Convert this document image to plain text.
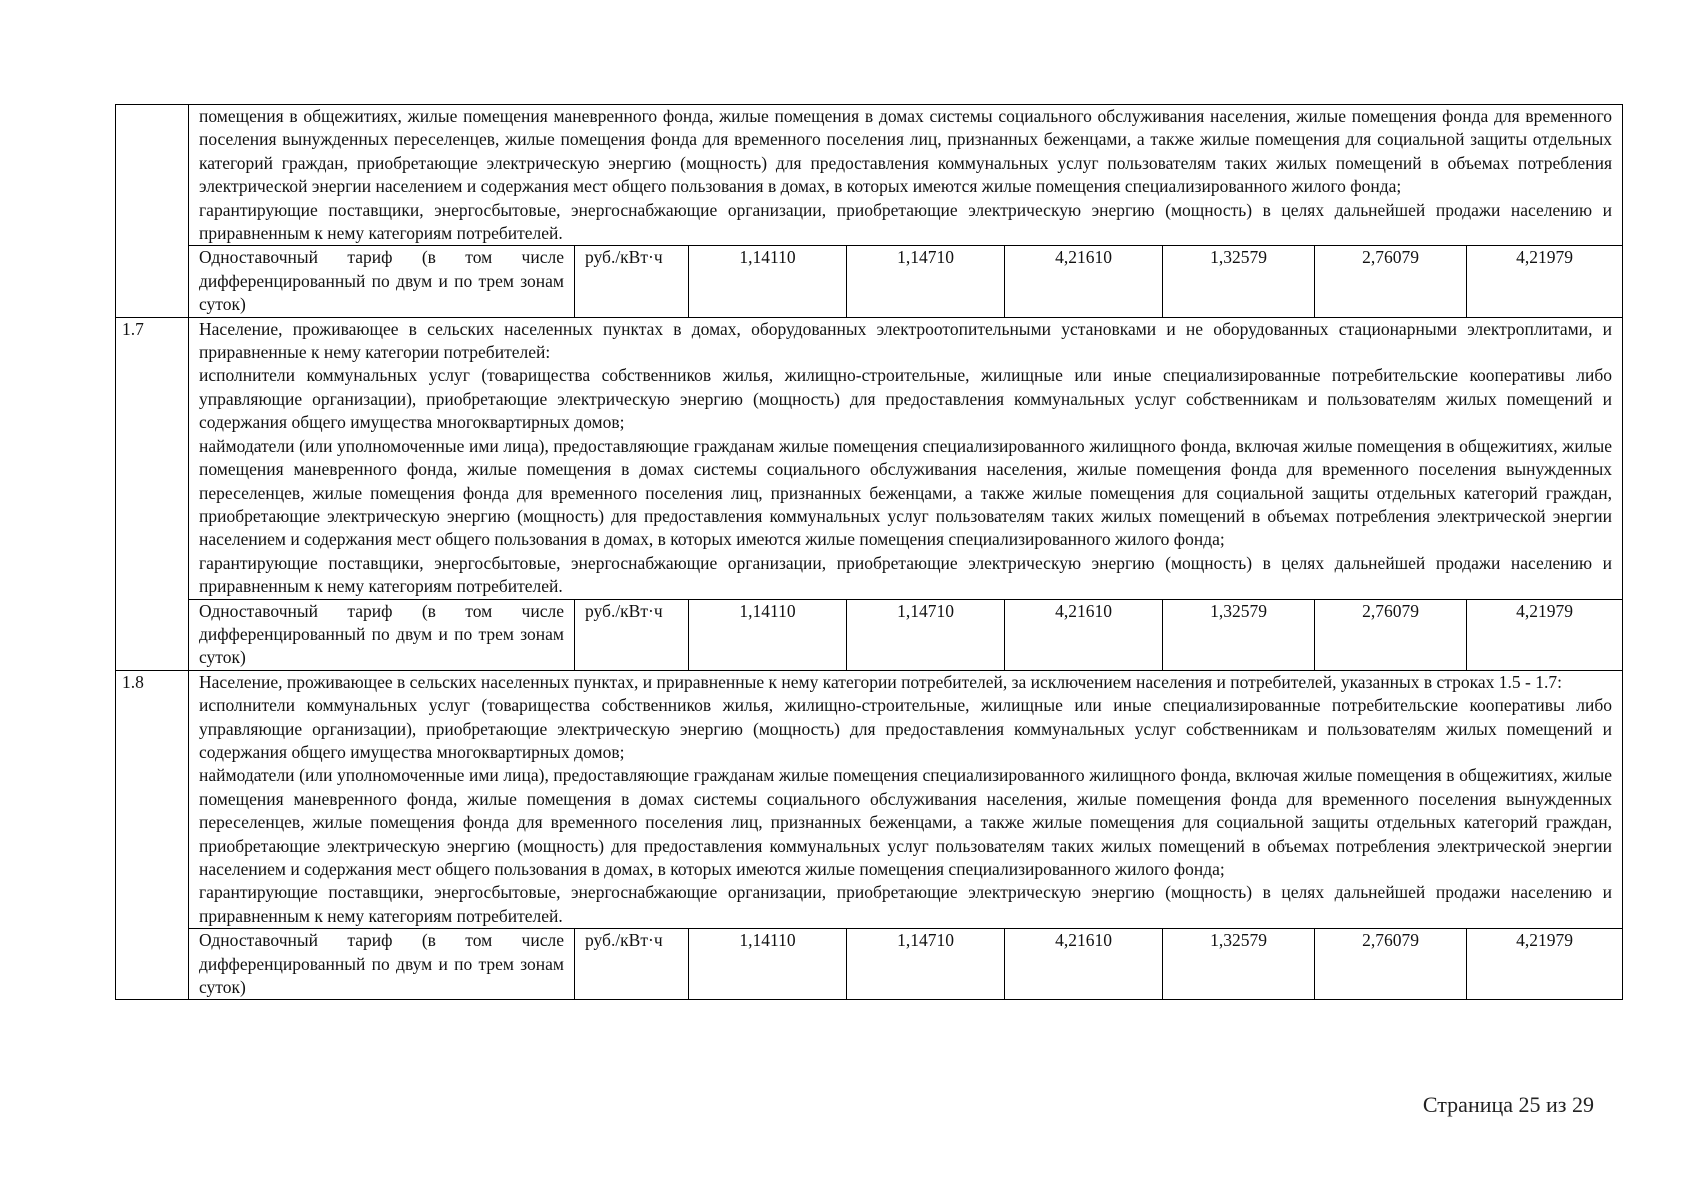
	помещения в общежитиях, жилые помещения маневренного фонда, жилые помещения в домах системы социального обслуживания населения, жилые помещения фонда для временного поселения вынужденных переселенцев, жилые помещения фонда для временного поселения лиц, признанных беженцами, а также жилые помещения для социальной защиты отдельных категорий граждан, приобретающие электрическую энергию (мощность) для предоставления коммунальных услуг пользователям таких жилых помещений в объемах потребления электрической энергии населением и содержания мест общего пользования в домах, в которых имеются жилые помещения специализированного жилого фонда;

гарантирующие поставщики, энергосбытовые, энергоснабжающие организации, приобретающие электрическую энергию (мощность) в целях дальнейшей продажи населению и приравненным к нему категориям потребителей.							

	Одноставочный тариф (в том числе дифференцированный по двум и по трем зонам суток)	руб./кВт·ч	1,14110	1,14710	4,21610	1,32579	2,76079	4,21979
1.7	Население, проживающее в сельских населенных пунктах в домах, оборудованных электроотопительными установками и не оборудованных стационарными электроплитами, и приравненные к нему категории потребителей:

исполнители коммунальных услуг (товарищества собственников жилья, жилищно-строительные, жилищные или иные специализированные потребительские кооперативы либо управляющие организации), приобретающие электрическую энергию (мощность) для предоставления коммунальных услуг собственникам и пользователям жилых помещений и содержания общего имущества многоквартирных домов;

наймодатели (или уполномоченные ими лица), предоставляющие гражданам жилые помещения специализированного жилищного фонда, включая жилые помещения в общежитиях, жилые помещения маневренного фонда, жилые помещения в домах системы социального обслуживания населения, жилые помещения фонда для временного поселения вынужденных переселенцев, жилые помещения фонда для временного поселения лиц, признанных беженцами, а также жилые помещения для социальной защиты отдельных категорий граждан, приобретающие электрическую энергию (мощность) для предоставления коммунальных услуг пользователям таких жилых помещений в объемах потребления электрической энергии населением и содержания мест общего пользования в домах, в которых имеются жилые помещения специализированного жилого фонда;

гарантирующие поставщики, энергосбытовые, энергоснабжающие организации, приобретающие электрическую энергию (мощность) в целях дальнейшей продажи населению и приравненным к нему категориям потребителей.							

	Одноставочный тариф (в том числе дифференцированный по двум и по трем зонам суток)	руб./кВт·ч	1,14110	1,14710	4,21610	1,32579	2,76079	4,21979
1.8	Население, проживающее в сельских населенных пунктах, и приравненные к нему категории потребителей, за исключением населения и потребителей, указанных в строках 1.5 - 1.7:

исполнители коммунальных услуг (товарищества собственников жилья, жилищно-строительные, жилищные или иные специализированные потребительские кооперативы либо управляющие организации), приобретающие электрическую энергию (мощность) для предоставления коммунальных услуг собственникам и пользователям жилых помещений и содержания общего имущества многоквартирных домов;

наймодатели (или уполномоченные ими лица), предоставляющие гражданам жилые помещения специализированного жилищного фонда, включая жилые помещения в общежитиях, жилые помещения маневренного фонда, жилые помещения в домах системы социального обслуживания населения, жилые помещения фонда для временного поселения вынужденных переселенцев, жилые помещения фонда для временного поселения лиц, признанных беженцами, а также жилые помещения для социальной защиты отдельных категорий граждан, приобретающие электрическую энергию (мощность) для предоставления коммунальных услуг пользователям таких жилых помещений в объемах потребления электрической энергии населением и содержания мест общего пользования в домах, в которых имеются жилые помещения специализированного жилого фонда;

гарантирующие поставщики, энергосбытовые, энергоснабжающие организации, приобретающие электрическую энергию (мощность) в целях дальнейшей продажи населению и приравненным к нему категориям потребителей.							

	Одноставочный тариф (в том числе дифференцированный по двум и по трем зонам суток)	руб./кВт·ч	1,14110	1,14710	4,21610	1,32579	2,76079	4,21979
Страница 25 из 29
